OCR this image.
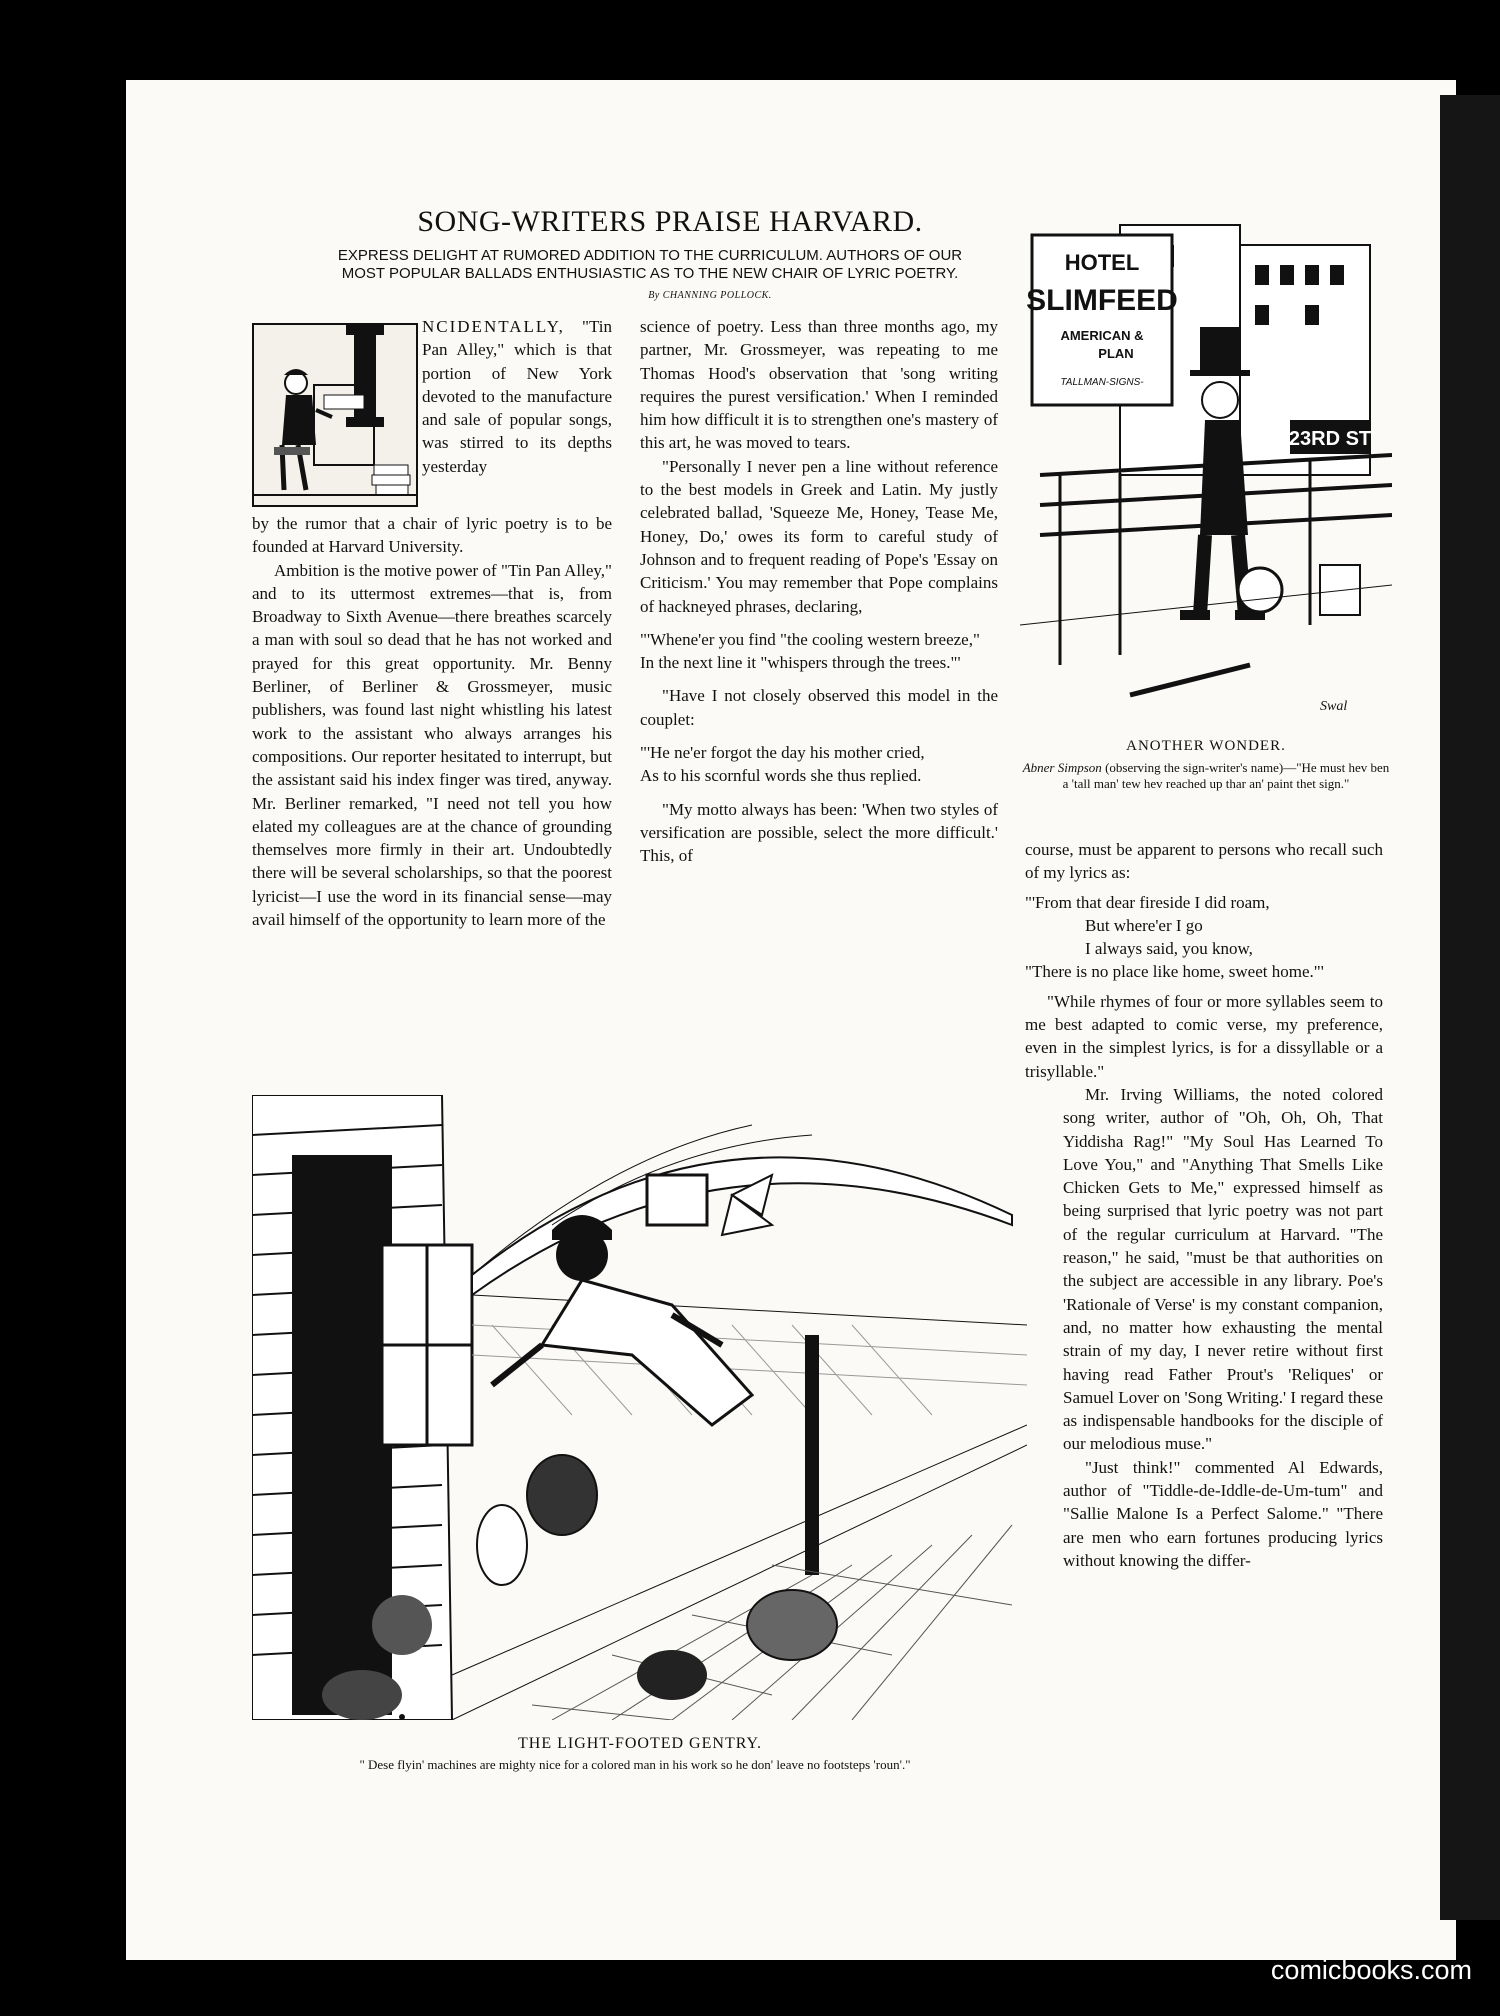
SONG-WRITERS PRAISE HARVARD.
EXPRESS DELIGHT AT RUMORED ADDITION TO THE CURRICULUM. AUTHORS OF OUR
MOST POPULAR BALLADS ENTHUSIASTIC AS TO THE NEW CHAIR OF LYRIC POETRY.
By CHANNING POLLOCK.

NCIDENTALLY, "Tin Pan Alley," which is that portion of New York devoted to the manufacture and sale of popular songs, was stirred to its depths yesterday

by the rumor that a chair of lyric poetry is to be founded at Harvard University.

Ambition is the motive power of "Tin Pan Alley," and to its uttermost extremes—that is, from Broadway to Sixth Avenue—there breathes scarcely a man with soul so dead that he has not worked and prayed for this great opportunity. Mr. Benny Berliner, of Berliner & Grossmeyer, music publishers, was found last night whistling his latest work to the assistant who always arranges his compositions. Our reporter hesitated to interrupt, but the assistant said his index finger was tired, anyway. Mr. Berliner remarked, "I need not tell you how elated my colleagues are at the chance of grounding themselves more firmly in their art. Undoubtedly there will be several scholarships, so that the poorest lyricist—I use the word in its financial sense—may avail himself of the opportunity to learn more of the

science of poetry. Less than three months ago, my partner, Mr. Grossmeyer, was repeating to me Thomas Hood's observation that 'song writing requires the purest versification.' When I reminded him how difficult it is to strengthen one's mastery of this art, he was moved to tears.

"Personally I never pen a line without reference to the best models in Greek and Latin. My justly celebrated ballad, 'Squeeze Me, Honey, Tease Me, Honey, Do,' owes its form to careful study of Johnson and to frequent reading of Pope's 'Essay on Criticism.' You may remember that Pope complains of hackneyed phrases, declaring,

"'Whene'er you find "the cooling western breeze,"
In the next line it "whispers through the trees."'

"Have I not closely observed this model in the couplet:

"'He ne'er forgot the day his mother cried,
As to his scornful words she thus replied.

"My motto always has been: 'When two styles of versification are possible, select the more difficult.' This, of

HOTEL
SLIMFEED
AMERICAN &
PLAN
TALLMAN-SIGNS-
23RD ST
Swal
ANOTHER WONDER.
Abner Simpson (observing the sign-writer's name)—"He must hev ben a 'tall man' tew hev reached up thar an' paint thet sign."

course, must be apparent to persons who recall such of my lyrics as:

"'From that dear fireside I did roam,
But where'er I go
I always said, you know,
"There is no place like home, sweet home."'

"While rhymes of four or more syllables seem to me best adapted to comic verse, my preference, even in the simplest lyrics, is for a dissyllable or a trisyllable."

Mr. Irving Williams, the noted colored song writer, author of "Oh, Oh, Oh, That Yiddisha Rag!" "My Soul Has Learned To Love You," and "Anything That Smells Like Chicken Gets to Me," expressed himself as being surprised that lyric poetry was not part of the regular curriculum at Harvard. "The reason," he said, "must be that authorities on the subject are accessible in any library. Poe's 'Rationale of Verse' is my constant companion, and, no matter how exhausting the mental strain of my day, I never retire without first having read Father Prout's 'Reliques' or Samuel Lover on 'Song Writing.' I regard these as indispensable handbooks for the disciple of our melodious muse."

"Just think!" commented Al Edwards, author of "Tiddle-de-Iddle-de-Um-tum" and "Sallie Malone Is a Perfect Salome." "There are men who earn fortunes producing lyrics without knowing the differ-

THE LIGHT-FOOTED GENTRY.
" Dese flyin' machines are mighty nice for a colored man in his work so he don' leave no footsteps 'roun'."
comicbooks.com
